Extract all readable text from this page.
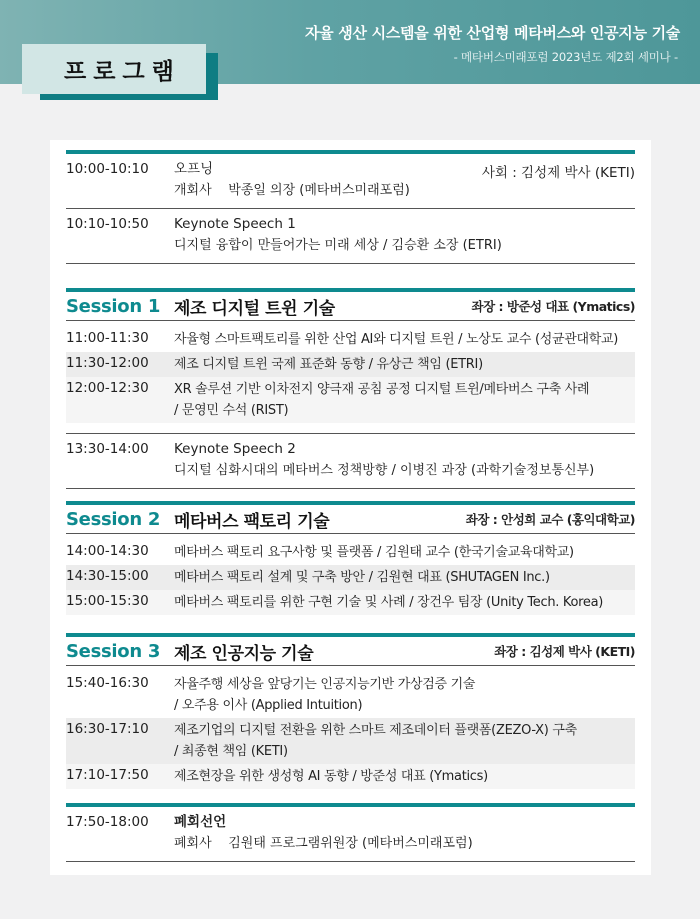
자율 생산 시스템을 위한 산업형 메타버스와 인공지능 기술
- 메타버스미래포럼 2023년도 제2회 세미나 -
프로그램
10:00-10:10	오프닝	사회 : 김성제 박사 (KETI)
개회사    박종일 의장 (메타버스미래포럼)
10:10-10:50	Keynote Speech 1
디지털 융합이 만들어가는 미래 세상 / 김승환 소장 (ETRI)
Session 1 제조 디지털 트윈 기술	좌장 : 방준성 대표 (Ymatics)
11:00-11:30 자율형 스마트팩토리를 위한 산업 AI와 디지털 트윈 / 노상도 교수 (성균관대학교)
11:30-12:00 제조 디지털 트윈 국제 표준화 동향 / 유상근 책임 (ETRI)
12:00-12:30 XR 솔루션 기반 이차전지 양극재 공침 공정 디지털 트윈/메타버스 구축 사례
/ 문영민 수석 (RIST)
13:30-14:00	Keynote Speech 2
디지털 심화시대의 메타버스 정책방향 / 이병진 과장 (과학기술정보통신부)
Session 2 메타버스 팩토리 기술	좌장 : 안성희 교수 (홍익대학교)
14:00-14:30 메타버스 팩토리 요구사항 및 플랫폼 / 김원태 교수 (한국기술교육대학교)
14:30-15:00 메타버스 팩토리 설계 및 구축 방안 / 김원현 대표 (SHUTAGEN Inc.)
15:00-15:30 메타버스 팩토리를 위한 구현 기술 및 사례 / 장건우 팀장 (Unity Tech. Korea)
Session 3 제조 인공지능 기술	좌장 : 김성제 박사 (KETI)
15:40-16:30 자율주행 세상을 앞당기는 인공지능기반 가상검증 기술
/ 오주용 이사 (Applied Intuition)
16:30-17:10 제조기업의 디지털 전환을 위한 스마트 제조데이터 플랫폼(ZEZO-X) 구축
/ 최종현 책임 (KETI)
17:10-17:50 제조현장을 위한 생성형 AI 동향 / 방준성 대표 (Ymatics)
17:50-18:00	폐회선언
폐회사    김원태 프로그램위원장 (메타버스미래포럼)
